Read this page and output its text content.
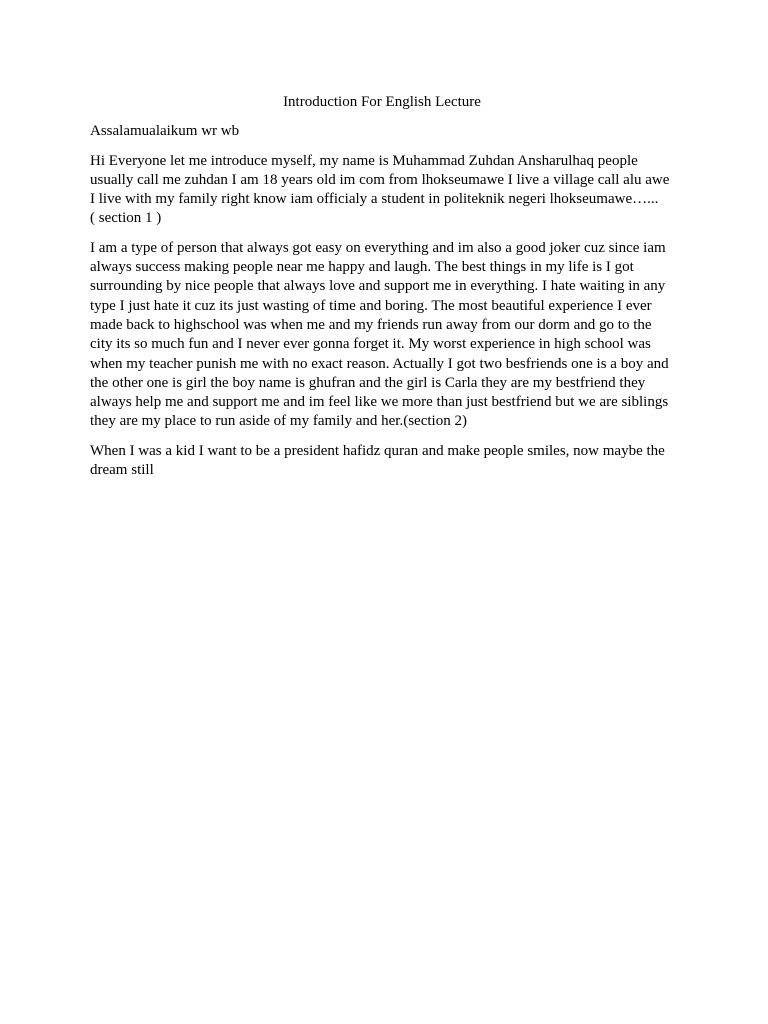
Introduction For English Lecture
Assalamualaikum wr wb
Hi Everyone let me introduce myself, my name is Muhammad Zuhdan Ansharulhaq people
usually call me zuhdan I am 18 years old im com from lhokseumawe I live a village call alu awe
I live with my family right know iam officialy a student in politeknik negeri lhokseumawe…...
( section 1 )
I am a type of person that always got easy on everything and im also a good joker cuz since iam
always success making people near me happy and laugh. The best things in my life is I got
surrounding by nice people that always love and support me in everything. I hate waiting in any
type I just hate it cuz its just wasting of time and boring. The most beautiful experience I ever
made back to highschool was when me and my friends run away from our dorm and go to the
city its so much fun and I never ever gonna forget it. My worst experience in high school was
when my teacher punish me with no exact reason. Actually I got two besfriends one is a boy and
the other one is girl the boy name is ghufran and the girl is Carla they are my bestfriend they
always help me and support me and im feel like we more than just bestfriend but we are siblings
they are my place to run aside of my family and her.(section 2)
When I was a kid I want to be a president hafidz quran and make people smiles, now maybe the
dream still
